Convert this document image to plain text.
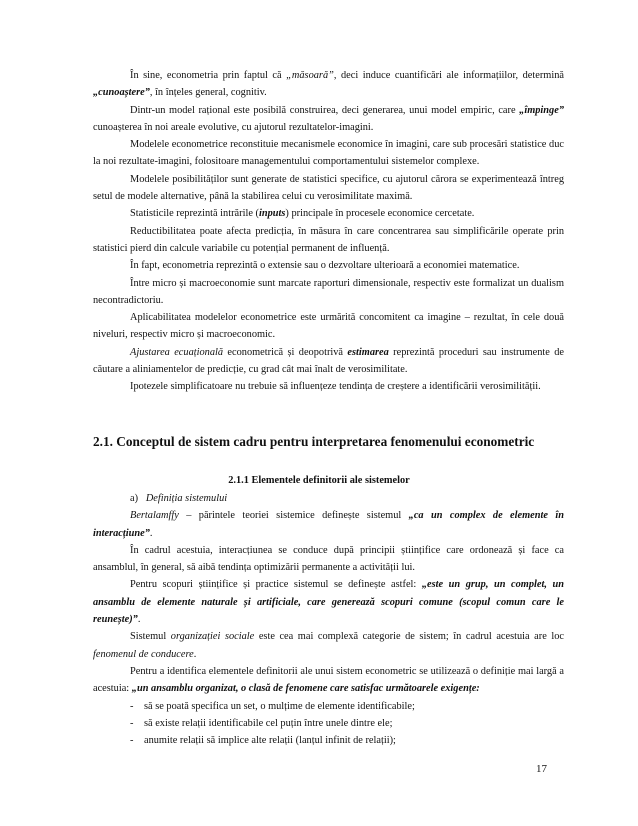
În sine, econometria prin faptul că „măsoară”, deci induce cuantificări ale informațiilor, determină „cunoaștere”, în înțeles general, cognitiv.

Dintr-un model rațional este posibilă construirea, deci generarea, unui model empiric, care „împinge” cunoașterea în noi areale evolutive, cu ajutorul rezultatelor-imagini.

Modelele econometrice reconstituie mecanismele economice în imagini, care sub procesări statistice duc la noi rezultate-imagini, folositoare managementului comportamentului sistemelor complexe.

Modelele posibilităților sunt generate de statistici specifice, cu ajutorul cărora se experimentează întreg setul de modele alternative, până la stabilirea celui cu verosimilitate maximă.

Statisticile reprezintă intrările (inputs) principale în procesele economice cercetate.

Reductibilitatea poate afecta predicția, în măsura în care concentrarea sau simplificările operate prin statistici pierd din calcule variabile cu potențial permanent de influență.

În fapt, econometria reprezintă o extensie sau o dezvoltare ulterioară a economiei matematice.

Între micro și macroeconomie sunt marcate raporturi dimensionale, respectiv este formalizat un dualism necontradictoriu.

Aplicabilitatea modelelor econometrice este urmărită concomitent ca imagine – rezultat, în cele două niveluri, respectiv micro și macroeconomic.

Ajustarea ecuațională econometrică și deopotrivă estimarea reprezintă proceduri sau instrumente de căutare a aliniamentelor de predicție, cu grad cât mai înalt de verosimilitate.

Ipotezele simplificatoare nu trebuie să influențeze tendința de creștere a identificării verosimilității.

2.1. Conceptul de sistem cadru pentru interpretarea fenomenului econometric
2.1.1 Elementele definitorii ale sistemelor

a) Definiția sistemului

Bertalamffy – părintele teoriei sistemice definește sistemul „ca un complex de elemente în interacțiune”.

În cadrul acestuia, interacțiunea se conduce după principii științifice care ordonează și face ca ansamblul, în general, să aibă tendința optimizării permanente a activității lui.

Pentru scopuri științifice și practice sistemul se definește astfel: „este un grup, un complet, un ansamblu de elemente naturale și artificiale, care generează scopuri comune (scopul comun care le reunește)”.

Sistemul organizației sociale este cea mai complexă categorie de sistem; în cadrul acestuia are loc fenomenul de conducere.

Pentru a identifica elementele definitorii ale unui sistem econometric se utilizează o definiție mai largă a acestuia: „un ansamblu organizat, o clasă de fenomene care satisfac următoarele exigențe:

-	să se poată specifica un set, o mulțime de elemente identificabile;
-	să existe relații identificabile cel puțin între unele dintre ele;
-	anumite relații să implice alte relații (lanțul infinit de relații);
17
